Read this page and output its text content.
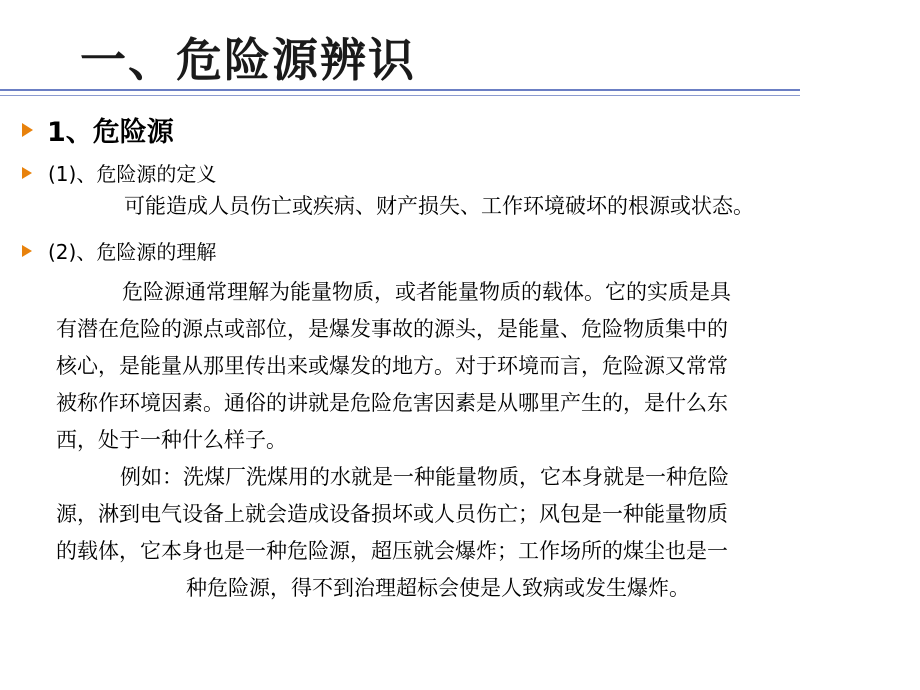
一、危险源辨识
1、危险源
(1)、危险源的定义
可能造成人员伤亡或疾病、财产损失、工作环境破坏的根源或状态。
(2)、危险源的理解
危险源通常理解为能量物质，或者能量物质的载体。它的实质是具
有潜在危险的源点或部位，是爆发事故的源头，是能量、危险物质集中的
核心，是能量从那里传出来或爆发的地方。对于环境而言，危险源又常常
被称作环境因素。通俗的讲就是危险危害因素是从哪里产生的，是什么东
西，处于一种什么样子。
例如：洗煤厂洗煤用的水就是一种能量物质，它本身就是一种危险
源，淋到电气设备上就会造成设备损坏或人员伤亡；风包是一种能量物质
的载体，它本身也是一种危险源，超压就会爆炸；工作场所的煤尘也是一
种危险源，得不到治理超标会使是人致病或发生爆炸。
